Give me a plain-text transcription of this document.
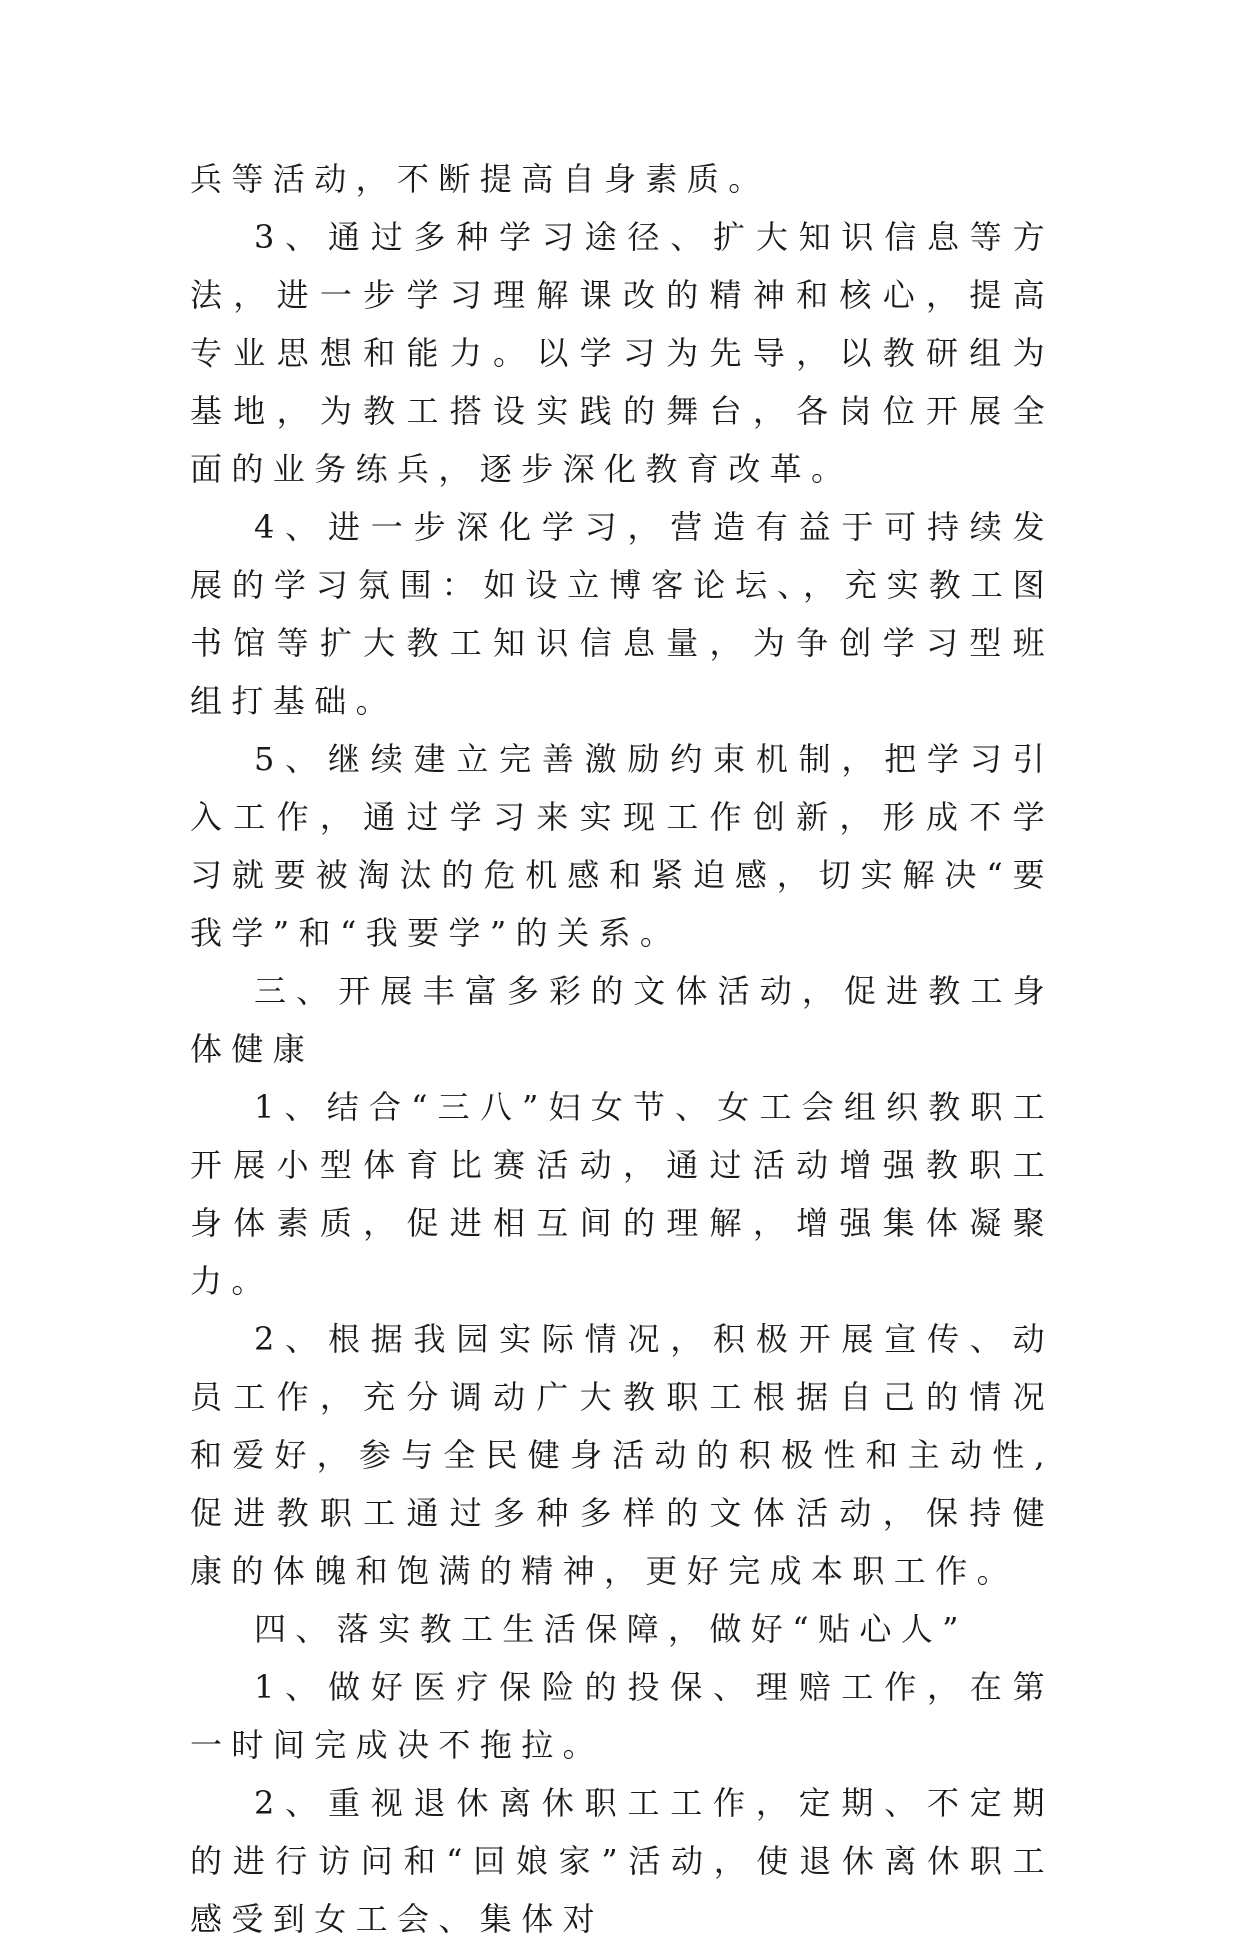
兵等活动，不断提高自身素质。

3、通过多种学习途径、扩大知识信息等方法，进一步学习理解课改的精神和核心，提高专业思想和能力。以学习为先导，以教研组为基地，为教工搭设实践的舞台，各岗位开展全面的业务练兵，逐步深化教育改革。

4、进一步深化学习，营造有益于可持续发展的学习氛围：如设立博客论坛、，充实教工图书馆等扩大教工知识信息量，为争创学习型班组打基础。

5、继续建立完善激励约束机制，把学习引入工作，通过学习来实现工作创新，形成不学习就要被淘汰的危机感和紧迫感，切实解决“要我学”和“我要学”的关系。

三、开展丰富多彩的文体活动，促进教工身体健康

1、结合“三八”妇女节、女工会组织教职工开展小型体育比赛活动，通过活动增强教职工身体素质，促进相互间的理解，增强集体凝聚力。

2、根据我园实际情况，积极开展宣传、动员工作，充分调动广大教职工根据自己的情况和爱好，参与全民健身活动的积极性和主动性,促进教职工通过多种多样的文体活动，保持健康的体魄和饱满的精神，更好完成本职工作。

四、落实教工生活保障，做好“贴心人”

1、做好医疗保险的投保、理赔工作，在第一时间完成决不拖拉。

2、重视退休离休职工工作，定期、不定期的进行访问和“回娘家”活动，使退休离休职工感受到女工会、集体对
